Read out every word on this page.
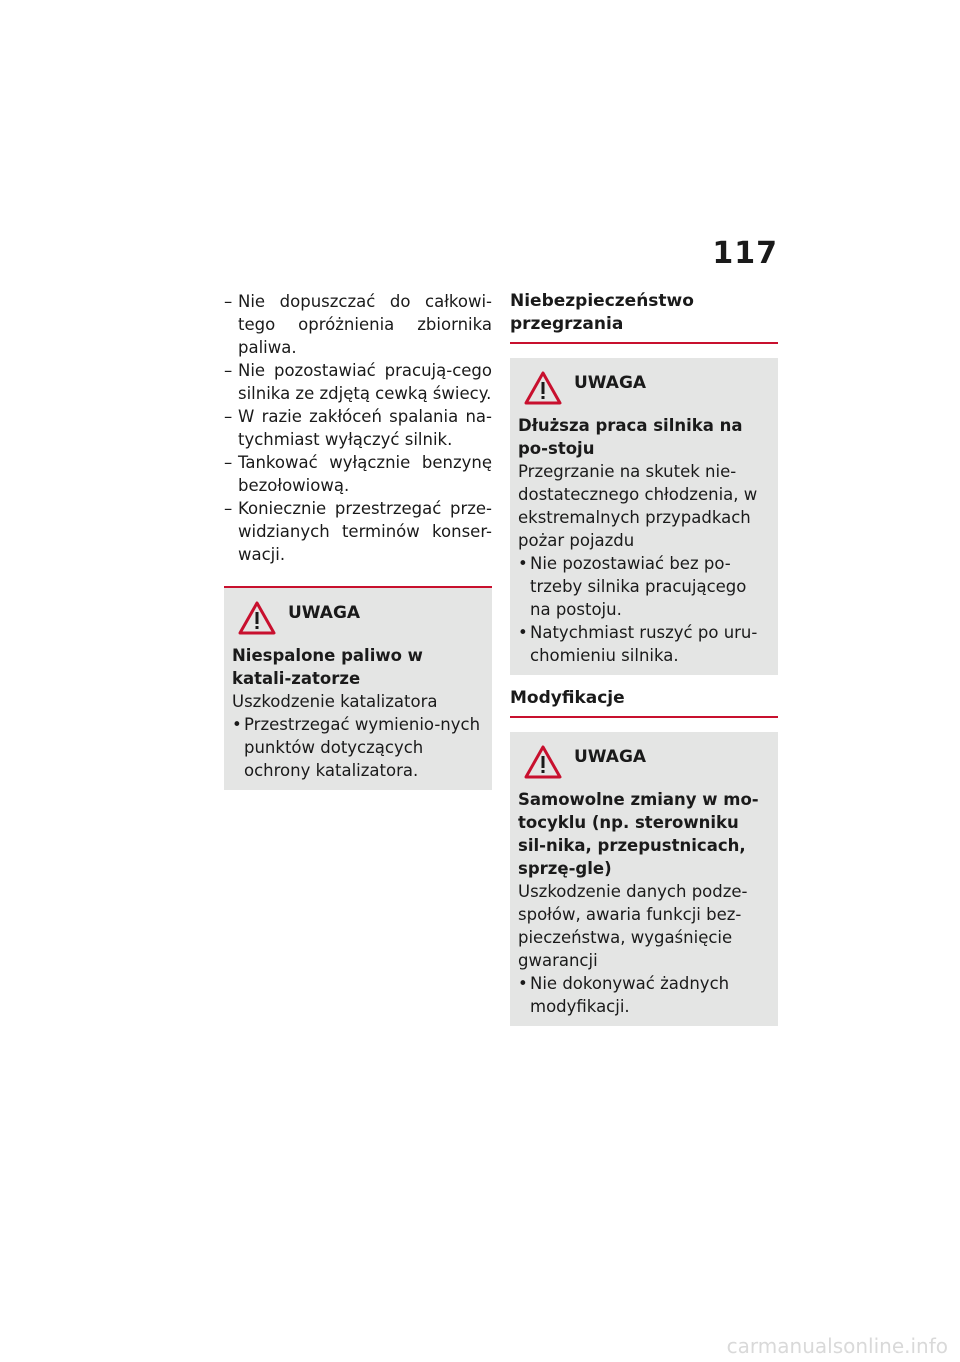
117
– Nie dopuszczać do całkowi-tego opróżnienia zbiornika paliwa.
– Nie pozostawiać pracują-cego silnika ze zdjętą cewką świecy.
– W razie zakłóceń spalania na-tychmiast wyłączyć silnik.
– Tankować wyłącznie benzynę bezołowiową.
– Koniecznie przestrzegać prze-widzianych terminów konser-wacji.
UWAGA
Niespalone paliwo w katali-zatorze
Uszkodzenie katalizatora
• Przestrzegać wymienio-nych punktów dotyczących ochrony katalizatora.
Niebezpieczeństwo przegrzania
UWAGA
Dłuższa praca silnika na po-stoju
Przegrzanie na skutek nie-dostatecznego chłodzenia, w ekstremalnych przypadkach pożar pojazdu
• Nie pozostawiać bez po-trzeby silnika pracującego na postoju.
• Natychmiast ruszyć po uru-chomieniu silnika.
Modyfikacje
UWAGA
Samowolne zmiany w mo-tocyklu (np. sterowniku sil-nika, przepustnicach, sprzę-gle)
Uszkodzenie danych podze-społów, awaria funkcji bez-pieczeństwa, wygaśnięcie gwarancji
• Nie dokonywać żadnych modyfikacji.
carmanualsonline.info
